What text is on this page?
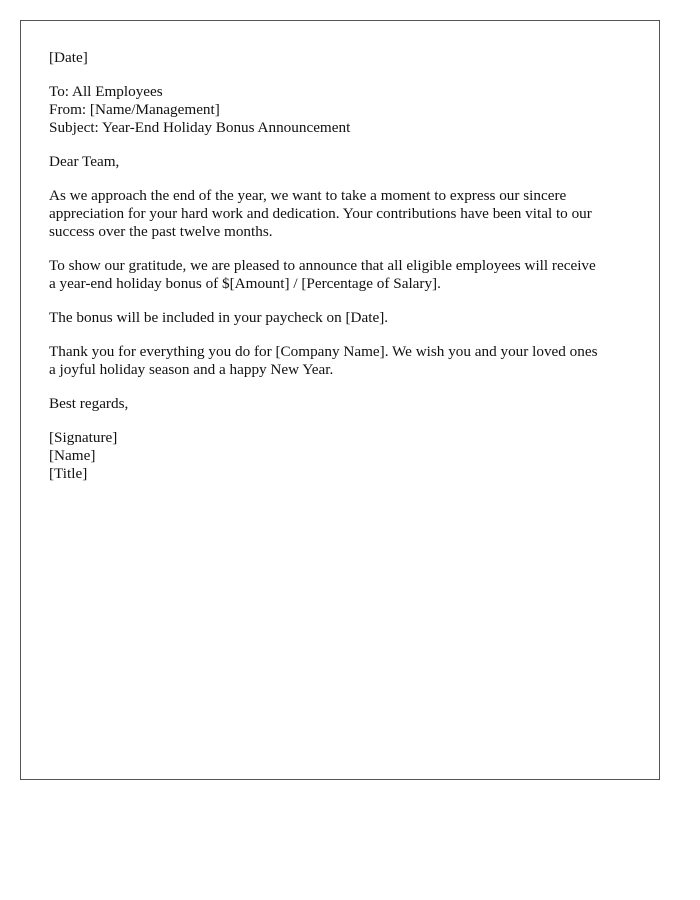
[Date]
To: All Employees
From: [Name/Management]
Subject: Year-End Holiday Bonus Announcement
Dear Team,
As we approach the end of the year, we want to take a moment to express our sincere
appreciation for your hard work and dedication. Your contributions have been vital to our
success over the past twelve months.
To show our gratitude, we are pleased to announce that all eligible employees will receive
a year-end holiday bonus of $[Amount] / [Percentage of Salary].
The bonus will be included in your paycheck on [Date].
Thank you for everything you do for [Company Name]. We wish you and your loved ones
a joyful holiday season and a happy New Year.
Best regards,
[Signature]
[Name]
[Title]
